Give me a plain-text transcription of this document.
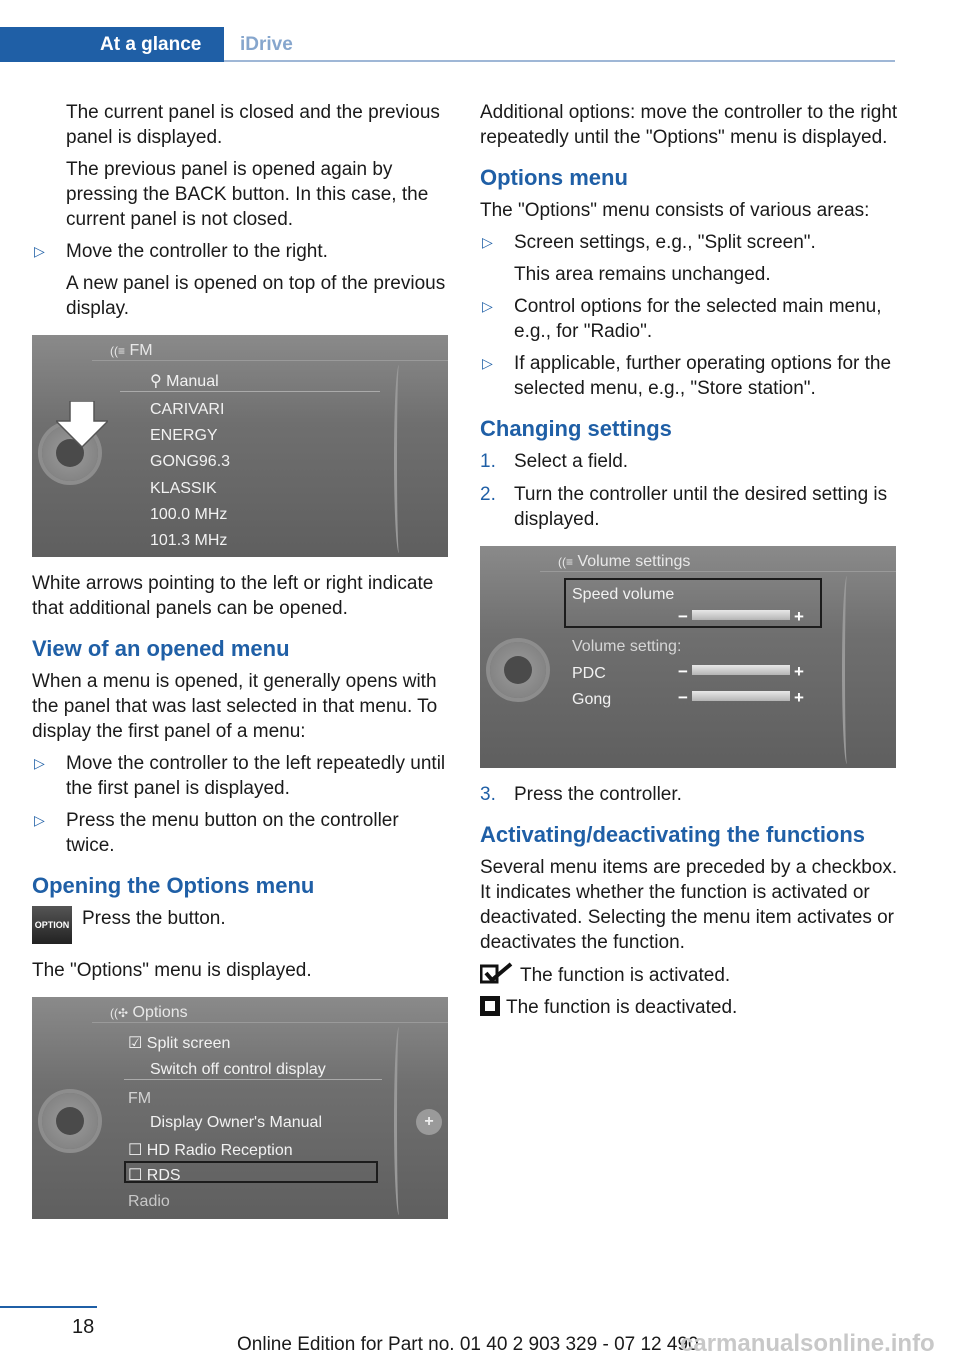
At a glance	iDrive

The current panel is closed and the previous panel is displayed.

The previous panel is opened again by pressing the BACK button. In this case, the current panel is not closed.

▷ Move the controller to the right.

A new panel is opened on top of the previous display.

((≡ FM
⚲ Manual
CARIVARI
ENERGY
GONG96.3
KLASSIK
100.0 MHz
101.3 MHz

White arrows pointing to the left or right indicate that additional panels can be opened.

View of an opened menu

When a menu is opened, it generally opens with the panel that was last selected in that menu. To display the first panel of a menu:

▷ Move the controller to the left repeatedly until the first panel is displayed.
▷ Press the menu button on the controller twice.
Opening the Options menu

OPTION Press the button.

The "Options" menu is displayed.

((✣ Options
☑ Split screen
Switch off control display
FM
Display Owner's Manual
☐ HD Radio Reception
☐ RDS
Radio
+

Additional options: move the controller to the right repeatedly until the "Options" menu is displayed.

Options menu

The "Options" menu consists of various areas:

▷ Screen settings, e.g., "Split screen".

This area remains unchanged.

▷ Control options for the selected main menu, e.g., for "Radio".
▷ If applicable, further operating options for the selected menu, e.g., "Store station".
Changing settings
1. Select a field.
2. Turn the controller until the desired setting is displayed.
((≡ Volume settings
Speed volume
−	+
Volume setting:
PDC	−	+
Gong	−	+
3. Press the controller.
Activating/deactivating the functions

Several menu items are preceded by a checkbox. It indicates whether the function is activated or deactivated. Selecting the menu item activates or deactivates the function.

The function is activated.

The function is deactivated.

18
Online Edition for Part no. 01 40 2 903 329 - 07 12 490
carmanualsonline.info
